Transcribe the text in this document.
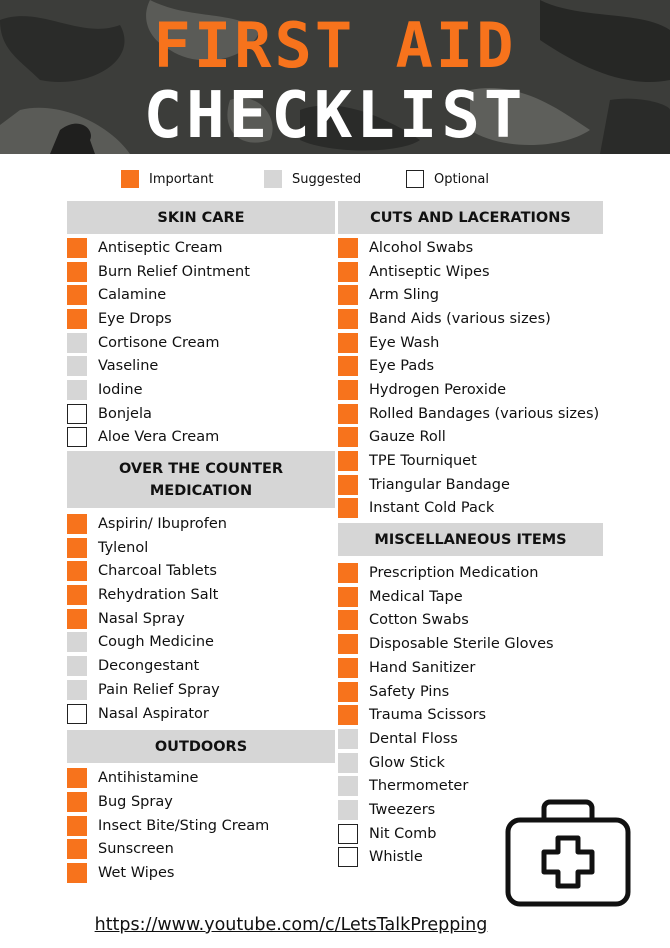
FIRST AID
CHECKLIST
Important	Suggested	Optional
SKIN CARE
Antiseptic Cream
Burn Relief Ointment
Calamine
Eye Drops
Cortisone Cream
Vaseline
Iodine
Bonjela
Aloe Vera Cream
OVER THE COUNTER MEDICATION
Aspirin/ Ibuprofen
Tylenol
Charcoal Tablets
Rehydration Salt
Nasal Spray
Cough Medicine
Decongestant
Pain Relief Spray
Nasal Aspirator
OUTDOORS
Antihistamine
Bug Spray
Insect Bite/Sting Cream
Sunscreen
Wet Wipes
CUTS AND LACERATIONS
Alcohol Swabs
Antiseptic Wipes
Arm Sling
Band Aids (various sizes)
Eye Wash
Eye Pads
Hydrogen Peroxide
Rolled Bandages (various sizes)
Gauze Roll
TPE Tourniquet
Triangular Bandage
Instant Cold Pack
MISCELLANEOUS ITEMS
Prescription Medication
Medical Tape
Cotton Swabs
Disposable Sterile Gloves
Hand Sanitizer
Safety Pins
Trauma Scissors
Dental Floss
Glow Stick
Thermometer
Tweezers
Nit Comb
Whistle
https://www.youtube.com/c/LetsTalkPrepping
